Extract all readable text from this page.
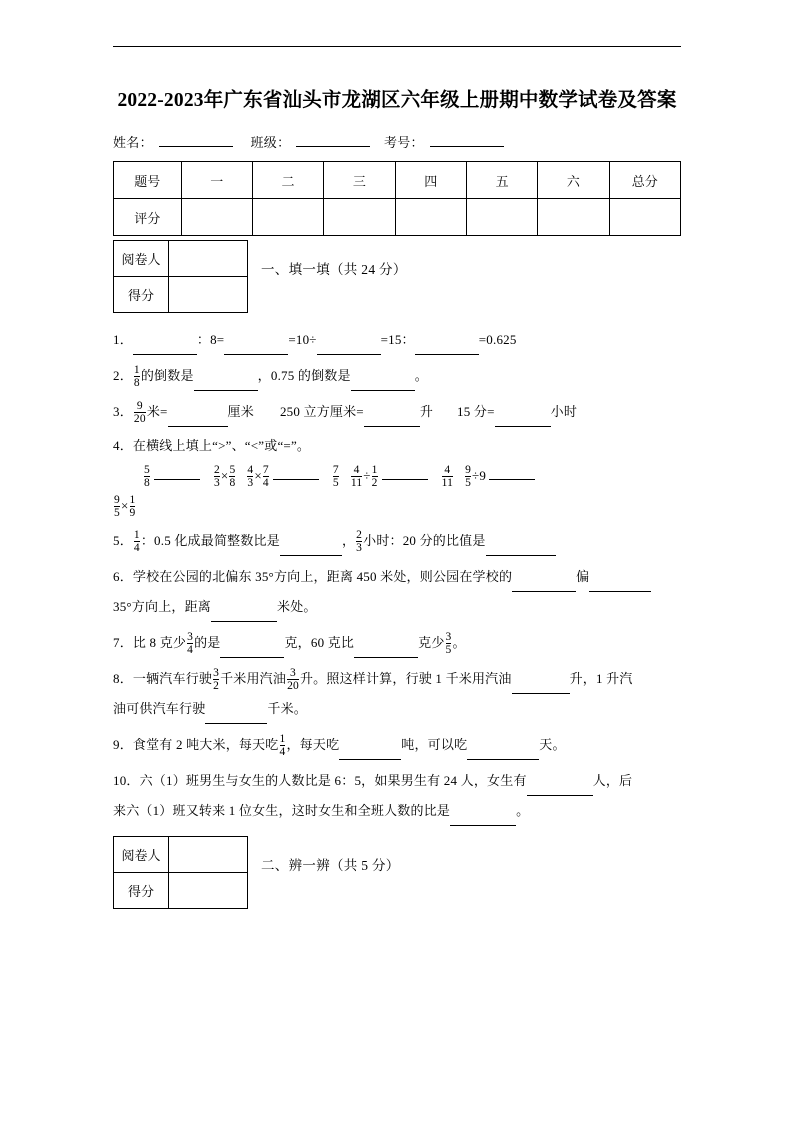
2022-2023年广东省汕头市龙湖区六年级上册期中数学试卷及答案
姓名：	班级：	考号：
题号	一	二	三	四	五	六	总分
评分							
阅卷人	
得分	
一、填一填（共 24 分）
1．	：8=	=10÷	=15：	=0.625
2． $\frac{1}{8}$ 的倒数是	，0.75 的倒数是	。
3． $\frac{9}{20}$ 米=	厘米 250 立方厘米=	升 15 分=	小时
4．在横线上填上“>”、“<”或“=”。
$\frac{5}{8}$	$\frac{2}{3} \times \frac{5}{8} \frac{4}{3} \times \frac{7}{4}$	$\frac{7}{5} \frac{4}{11} \div \frac{1}{2}$	$\frac{4}{11} \frac{9}{5} \div 9$
$\frac{9}{5} \times \frac{1}{9}$
5． $\frac{1}{4}$ ：0.5 化成最简整数比是	， $\frac{2}{3}$ 小时：20 分的比值是
6．学校在公园的北偏东 35°方向上，距离 450 米处，则公园在学校的	偏
35°方向上，距离	米处。
7．比 8 克少 $\frac{3}{4}$ 的是	克，60 克比	克少 $\frac{3}{5}$ 。
8．一辆汽车行驶 $\frac{3}{2}$ 千米用汽油 $\frac{3}{20}$ 升。照这样计算，行驶 1 千米用汽油	升，1 升汽
油可供汽车行驶	千米。
9．食堂有 2 吨大米，每天吃 $\frac{1}{4}$ ，每天吃	吨，可以吃	天。
10．六（1）班男生与女生的人数比是 6：5，如果男生有 24 人，女生有	人，后
来六（1）班又转来 1 位女生，这时女生和全班人数的比是	。
阅卷人	
得分	
二、辨一辨（共 5 分）
